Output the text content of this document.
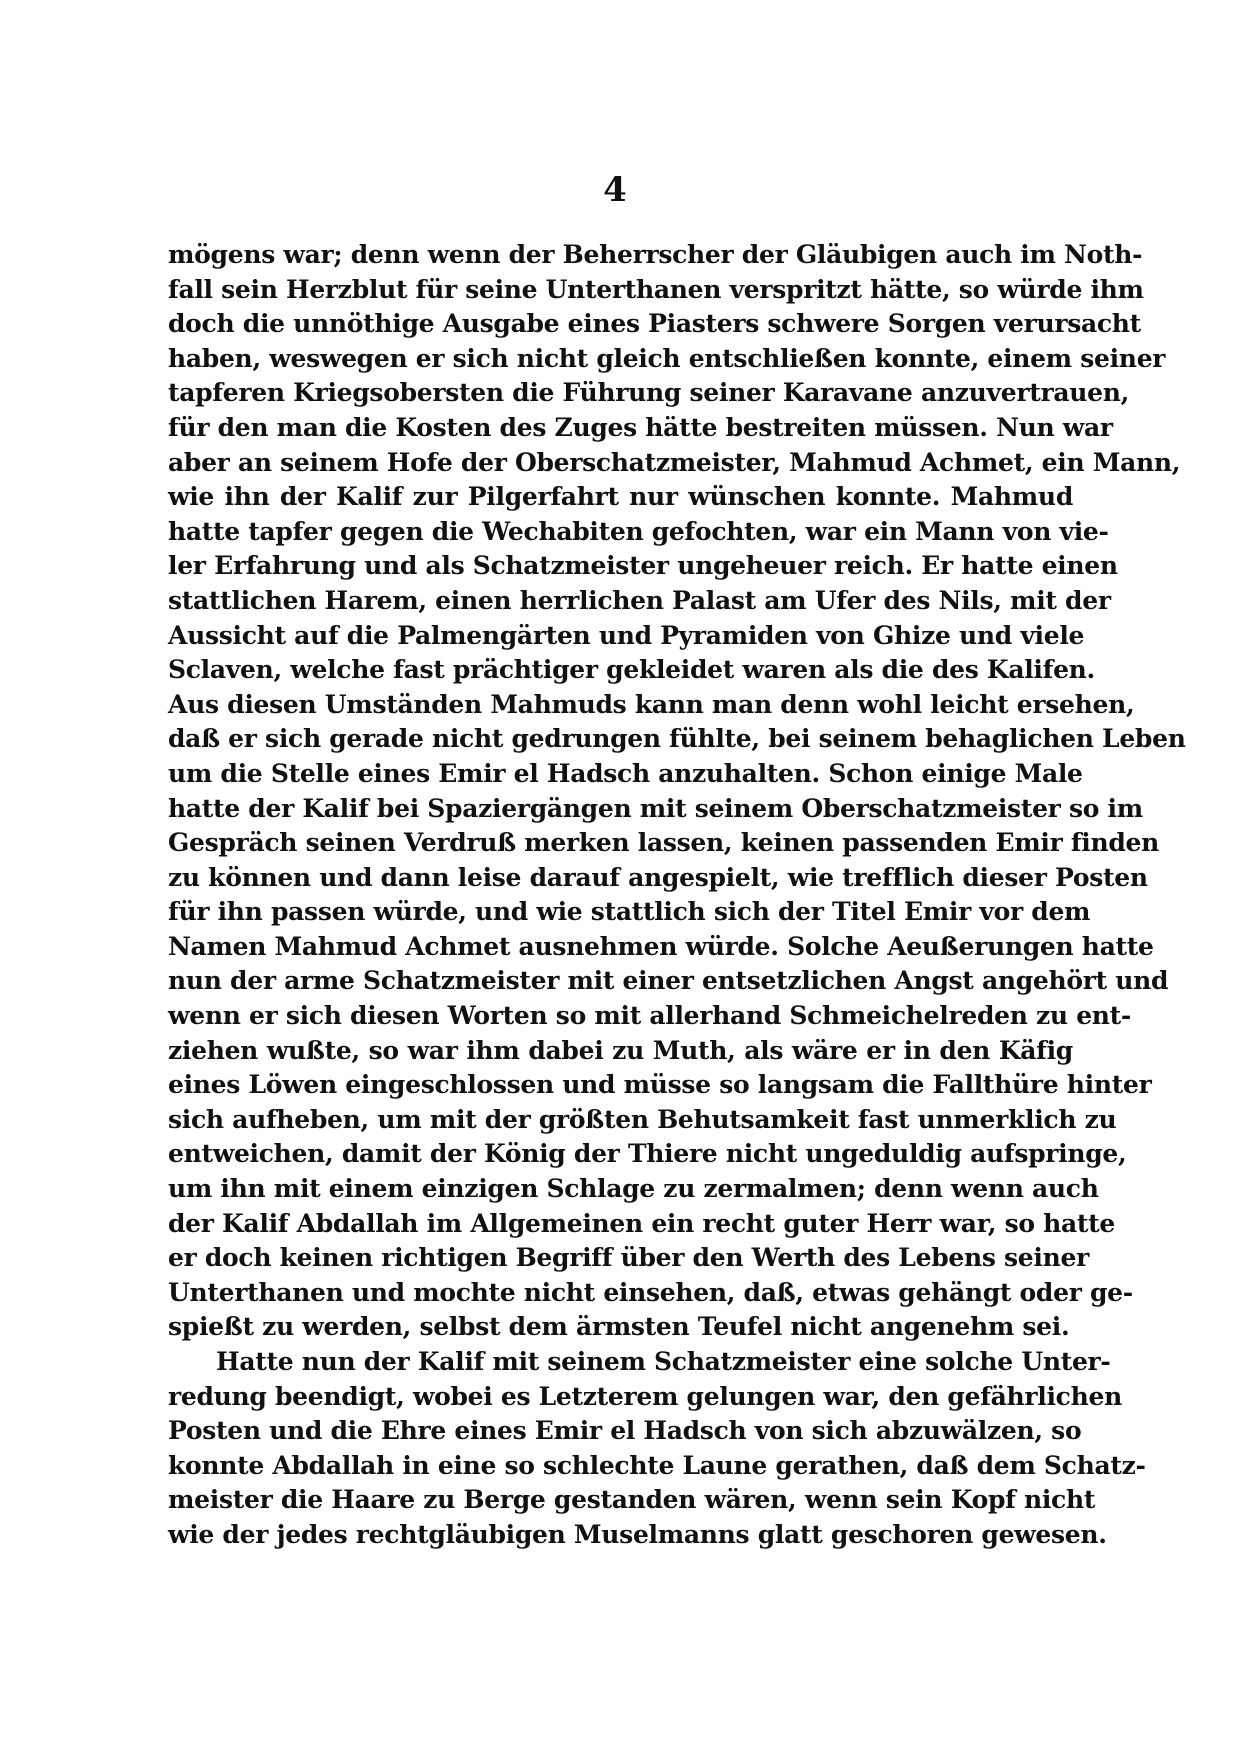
4
mögens war; denn wenn der Beherrscher der Gläubigen auch im Noth-
fall sein Herzblut für seine Unterthanen verspritzt hätte, so würde ihm
doch die unnöthige Ausgabe eines Piasters schwere Sorgen verursacht
haben, weswegen er sich nicht gleich entschließen konnte, einem seiner
tapferen Kriegsobersten die Führung seiner Karavane anzuvertrauen,
für den man die Kosten des Zuges hätte bestreiten müssen. Nun war
aber an seinem Hofe der Oberschatzmeister, Mahmud Achmet, ein Mann,
wie ihn der Kalif zur Pilgerfahrt nur wünschen konnte. Mahmud
hatte tapfer gegen die Wechabiten gefochten, war ein Mann von vie-
ler Erfahrung und als Schatzmeister ungeheuer reich. Er hatte einen
stattlichen Harem, einen herrlichen Palast am Ufer des Nils, mit der
Aussicht auf die Palmengärten und Pyramiden von Ghize und viele
Sclaven, welche fast prächtiger gekleidet waren als die des Kalifen.
Aus diesen Umständen Mahmuds kann man denn wohl leicht ersehen,
daß er sich gerade nicht gedrungen fühlte, bei seinem behaglichen Leben
um die Stelle eines Emir el Hadsch anzuhalten. Schon einige Male
hatte der Kalif bei Spaziergängen mit seinem Oberschatzmeister so im
Gespräch seinen Verdruß merken lassen, keinen passenden Emir finden
zu können und dann leise darauf angespielt, wie trefflich dieser Posten
für ihn passen würde, und wie stattlich sich der Titel Emir vor dem
Namen Mahmud Achmet ausnehmen würde. Solche Aeußerungen hatte
nun der arme Schatzmeister mit einer entsetzlichen Angst angehört und
wenn er sich diesen Worten so mit allerhand Schmeichelreden zu ent-
ziehen wußte, so war ihm dabei zu Muth, als wäre er in den Käfig
eines Löwen eingeschlossen und müsse so langsam die Fallthüre hinter
sich aufheben, um mit der größten Behutsamkeit fast unmerklich zu
entweichen, damit der König der Thiere nicht ungeduldig aufspringe,
um ihn mit einem einzigen Schlage zu zermalmen; denn wenn auch
der Kalif Abdallah im Allgemeinen ein recht guter Herr war, so hatte
er doch keinen richtigen Begriff über den Werth des Lebens seiner
Unterthanen und mochte nicht einsehen, daß, etwas gehängt oder ge-
spießt zu werden, selbst dem ärmsten Teufel nicht angenehm sei.
Hatte nun der Kalif mit seinem Schatzmeister eine solche Unter-
redung beendigt, wobei es Letzterem gelungen war, den gefährlichen
Posten und die Ehre eines Emir el Hadsch von sich abzuwälzen, so
konnte Abdallah in eine so schlechte Laune gerathen, daß dem Schatz-
meister die Haare zu Berge gestanden wären, wenn sein Kopf nicht
wie der jedes rechtgläubigen Muselmanns glatt geschoren gewesen.
